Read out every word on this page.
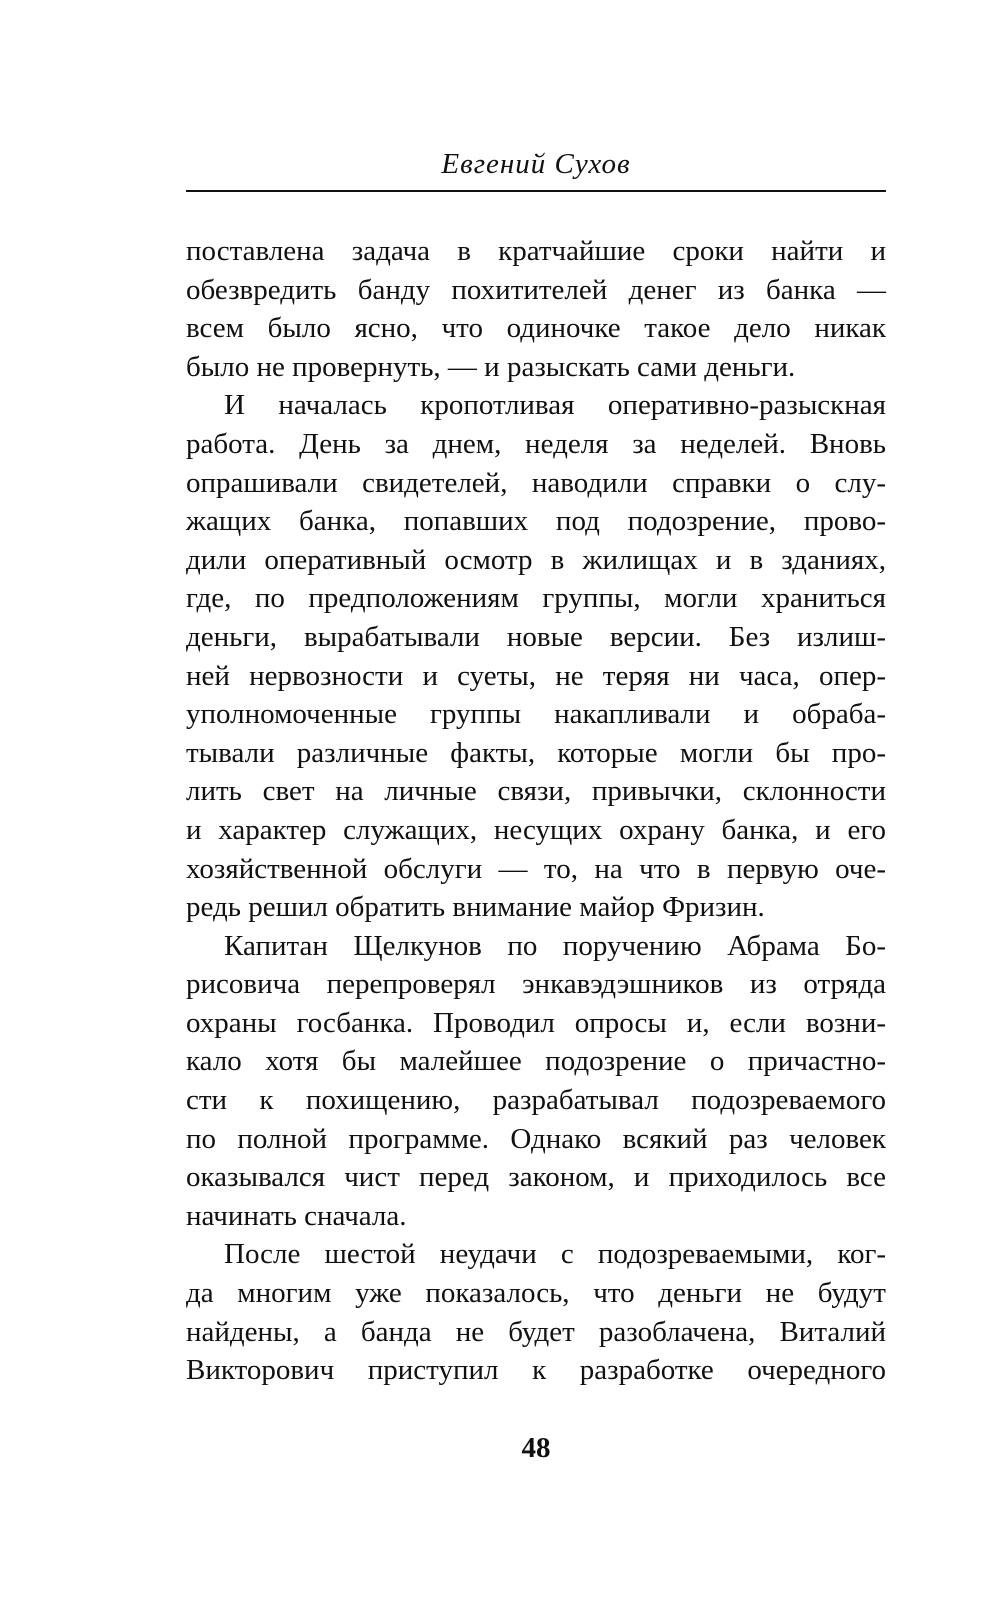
Евгений Сухов
поставлена задача в кратчайшие сроки найти и
обезвредить банду похитителей денег из банка —
всем было ясно, что одиночке такое дело никак
было не провернуть, — и разыскать сами деньги.
И началась кропотливая оперативно-разыскная
работа. День за днем, неделя за неделей. Вновь
опрашивали свидетелей, наводили справки о слу-
жащих банка, попавших под подозрение, прово-
дили оперативный осмотр в жилищах и в зданиях,
где, по предположениям группы, могли храниться
деньги, вырабатывали новые версии. Без излиш-
ней нервозности и суеты, не теряя ни часа, опер-
уполномоченные группы накапливали и обраба-
тывали различные факты, которые могли бы про-
лить свет на личные связи, привычки, склонности
и характер служащих, несущих охрану банка, и его
хозяйственной обслуги — то, на что в первую оче-
редь решил обратить внимание майор Фризин.
Капитан Щелкунов по поручению Абрама Бо-
рисовича перепроверял энкавэдэшников из отряда
охраны госбанка. Проводил опросы и, если возни-
кало хотя бы малейшее подозрение о причастно-
сти к похищению, разрабатывал подозреваемого
по полной программе. Однако всякий раз человек
оказывался чист перед законом, и приходилось все
начинать сначала.
После шестой неудачи с подозреваемыми, ког-
да многим уже показалось, что деньги не будут
найдены, а банда не будет разоблачена, Виталий
Викторович приступил к разработке очередного
48
